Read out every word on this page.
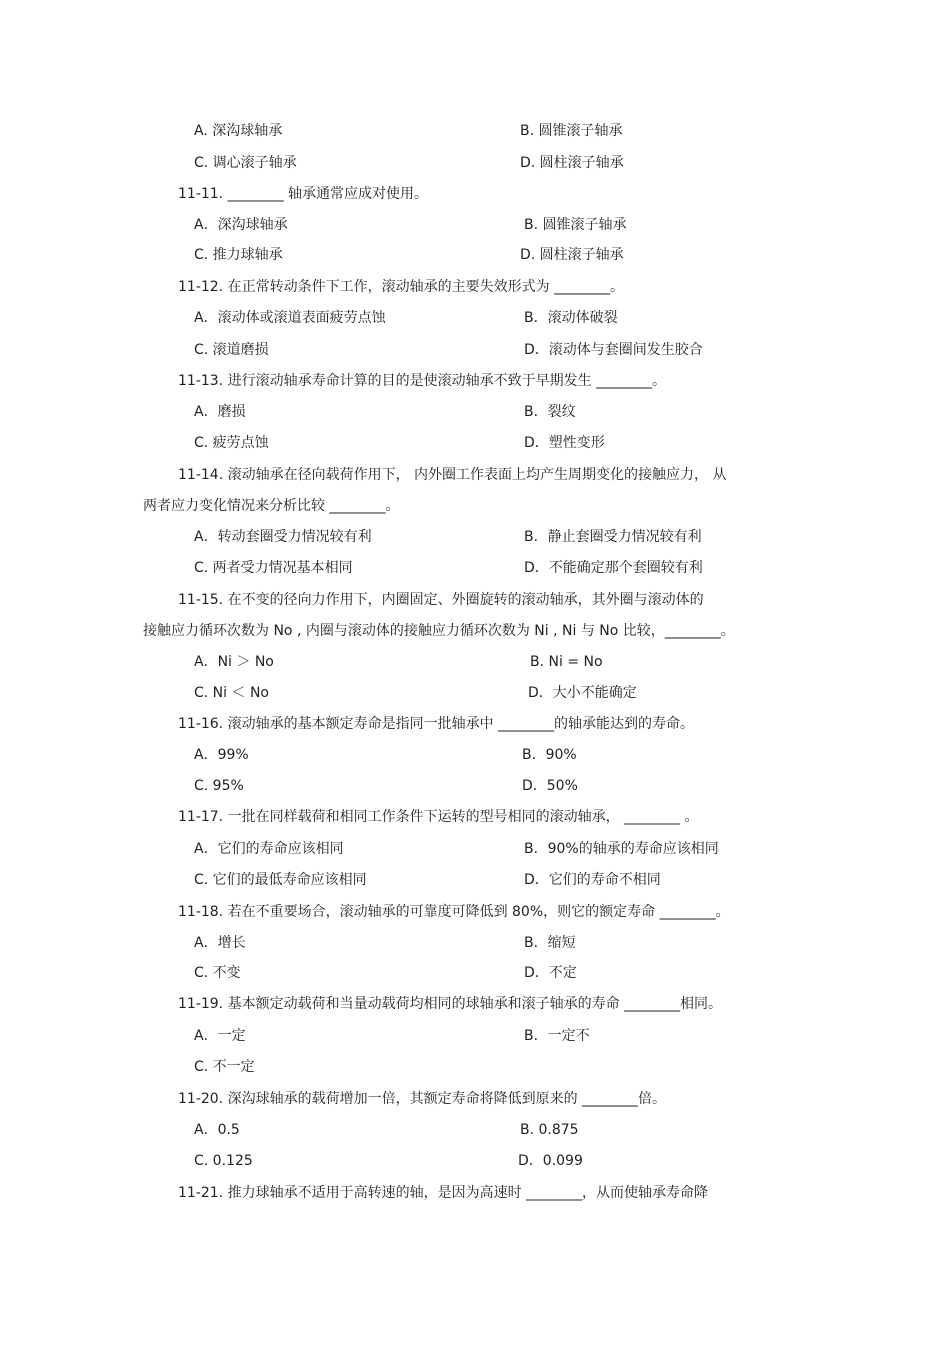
A. 深沟球轴承	B. 圆锥滚子轴承
C. 调心滚子轴承	D. 圆柱滚子轴承
11-11. ________ 轴承通常应成对使用。
A．深沟球轴承	B. 圆锥滚子轴承
C. 推力球轴承	D. 圆柱滚子轴承
11-12. 在正常转动条件下工作，滚动轴承的主要失效形式为 ________。
A．滚动体或滚道表面疲劳点蚀	B．滚动体破裂
C. 滚道磨损	D．滚动体与套圈间发生胶合
11-13. 进行滚动轴承寿命计算的目的是使滚动轴承不致于早期发生 ________。
A．磨损	B．裂纹
C. 疲劳点蚀	D．塑性变形
11-14. 滚动轴承在径向载荷作用下， 内外圈工作表面上均产生周期变化的接触应力， 从
两者应力变化情况来分析比较 ________。
A．转动套圈受力情况较有利	B．静止套圈受力情况较有利
C. 两者受力情况基本相同	D．不能确定那个套圈较有利
11-15. 在不变的径向力作用下，内圈固定、外圈旋转的滚动轴承，其外圈与滚动体的
接触应力循环次数为 No , 内圈与滚动体的接触应力循环次数为 Ni , Ni 与 No 比较，________。
A．Ni ＞ No	B. Ni = No
C. Ni ＜ No	D．大小不能确定
11-16. 滚动轴承的基本额定寿命是指同一批轴承中 ________的轴承能达到的寿命。
A．99%	B．90%
C. 95%	D．50%
11-17. 一批在同样载荷和相同工作条件下运转的型号相同的滚动轴承， ________ 。
A．它们的寿命应该相同	B．90%的轴承的寿命应该相同
C. 它们的最低寿命应该相同	D．它们的寿命不相同
11-18. 若在不重要场合，滚动轴承的可靠度可降低到 80%，则它的额定寿命 ________。
A．增长	B．缩短
C. 不变	D．不定
11-19. 基本额定动载荷和当量动载荷均相同的球轴承和滚子轴承的寿命 ________相同。
A．一定	B．一定不
C. 不一定
11-20. 深沟球轴承的载荷增加一倍，其额定寿命将降低到原来的 ________倍。
A．0.5	B. 0.875
C. 0.125	D．0.099
11-21. 推力球轴承不适用于高转速的轴，是因为高速时 ________，从而使轴承寿命降
